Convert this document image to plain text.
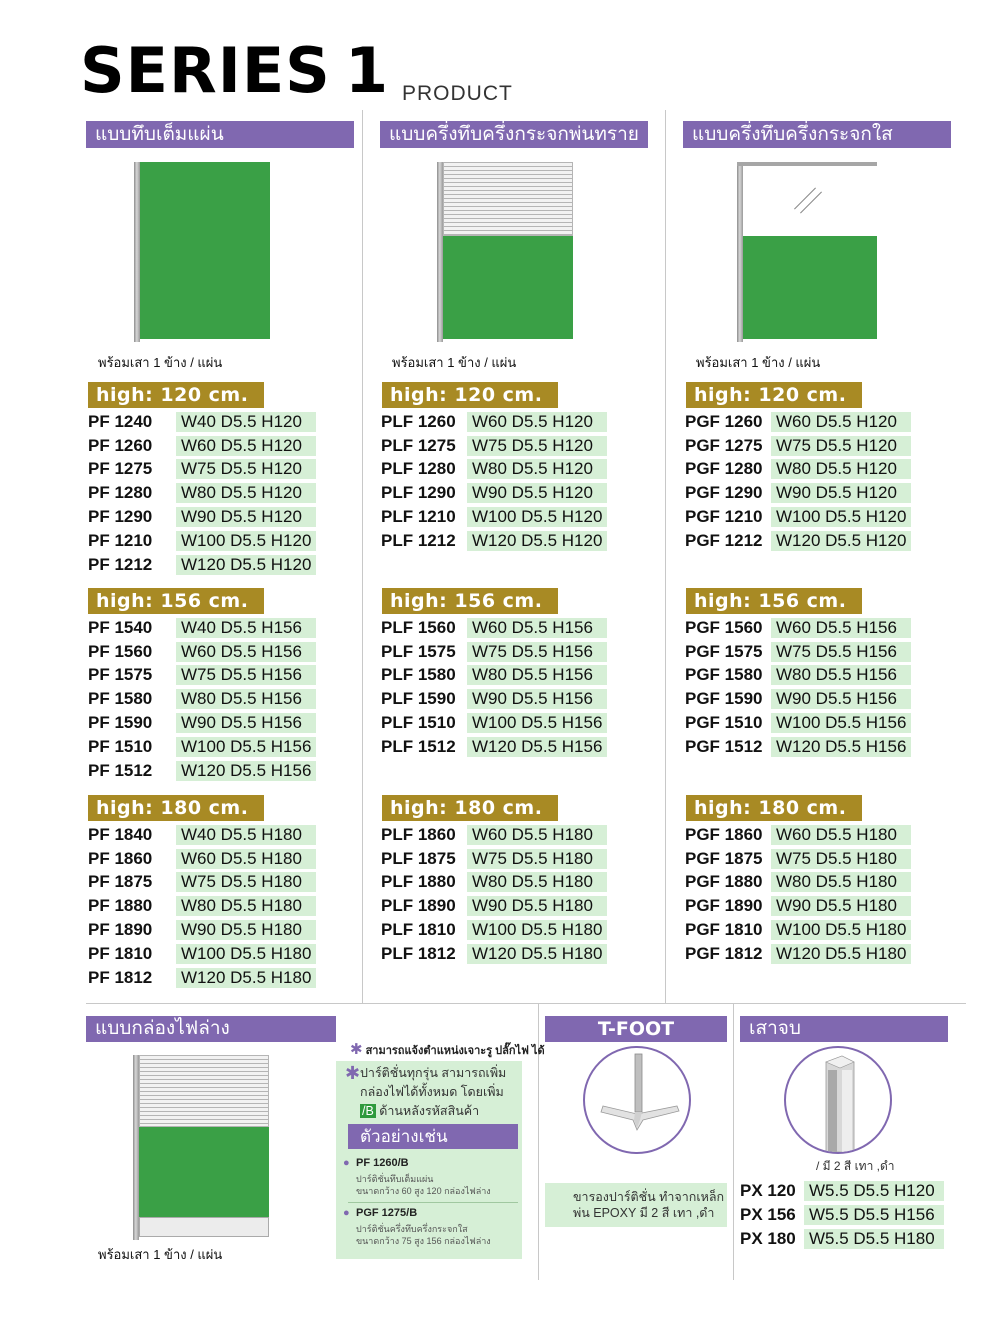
SERIES 1 PRODUCT
แบบทึบเต็มแผ่น
พร้อมเสา 1 ข้าง / แผ่น
แบบครึ่งทึบครึ่งกระจกพ่นทราย
พร้อมเสา 1 ข้าง / แผ่น
แบบครึ่งทึบครึ่งกระจกใส
พร้อมเสา 1 ข้าง / แผ่น
high: 120 cm.
PF 1240 W40 D5.5 H120
PF 1260 W60 D5.5 H120
PF 1275 W75 D5.5 H120
PF 1280 W80 D5.5 H120
PF 1290 W90 D5.5 H120
PF 1210 W100 D5.5 H120
PF 1212 W120 D5.5 H120
high: 156 cm.
PF 1540 W40 D5.5 H156
PF 1560 W60 D5.5 H156
PF 1575 W75 D5.5 H156
PF 1580 W80 D5.5 H156
PF 1590 W90 D5.5 H156
PF 1510 W100 D5.5 H156
PF 1512 W120 D5.5 H156
high: 180 cm.
PF 1840 W40 D5.5 H180
PF 1860 W60 D5.5 H180
PF 1875 W75 D5.5 H180
PF 1880 W80 D5.5 H180
PF 1890 W90 D5.5 H180
PF 1810 W100 D5.5 H180
PF 1812 W120 D5.5 H180
high: 120 cm.
PLF 1260 W60 D5.5 H120
PLF 1275 W75 D5.5 H120
PLF 1280 W80 D5.5 H120
PLF 1290 W90 D5.5 H120
PLF 1210 W100 D5.5 H120
PLF 1212 W120 D5.5 H120
high: 156 cm.
PLF 1560 W60 D5.5 H156
PLF 1575 W75 D5.5 H156
PLF 1580 W80 D5.5 H156
PLF 1590 W90 D5.5 H156
PLF 1510 W100 D5.5 H156
PLF 1512 W120 D5.5 H156
high: 180 cm.
PLF 1860 W60 D5.5 H180
PLF 1875 W75 D5.5 H180
PLF 1880 W80 D5.5 H180
PLF 1890 W90 D5.5 H180
PLF 1810 W100 D5.5 H180
PLF 1812 W120 D5.5 H180
high: 120 cm.
PGF 1260 W60 D5.5 H120
PGF 1275 W75 D5.5 H120
PGF 1280 W80 D5.5 H120
PGF 1290 W90 D5.5 H120
PGF 1210 W100 D5.5 H120
PGF 1212 W120 D5.5 H120
high: 156 cm.
PGF 1560 W60 D5.5 H156
PGF 1575 W75 D5.5 H156
PGF 1580 W80 D5.5 H156
PGF 1590 W90 D5.5 H156
PGF 1510 W100 D5.5 H156
PGF 1512 W120 D5.5 H156
high: 180 cm.
PGF 1860 W60 D5.5 H180
PGF 1875 W75 D5.5 H180
PGF 1880 W80 D5.5 H180
PGF 1890 W90 D5.5 H180
PGF 1810 W100 D5.5 H180
PGF 1812 W120 D5.5 H180
แบบกล่องไฟล่าง
พร้อมเสา 1 ข้าง / แผ่น
✱ สามารถแจ้งตำแหน่งเจาะรู ปลั๊กไฟ ได้
✱ ปาร์ติชั่นทุกรุ่น สามารถเพิ่ม กล่องไฟได้ทั้งหมด โดยเพิ่ม /B ด้านหลังรหัสสินค้า
ตัวอย่างเช่น
● PF 1260/B
ปาร์ติชั่นทึบเต็มแผ่น
ขนาดกว้าง 60 สูง 120 กล่องไฟล่าง
● PGF 1275/B
ปาร์ติชั่นครึ่งทึบครึ่งกระจกใส
ขนาดกว้าง 75 สูง 156 กล่องไฟล่าง
T-FOOT
ขารองปาร์ติชั่น ทำจากเหล็ก
พ่น EPOXY มี 2 สี เทา ,ดำ
เสาจบ
/ มี 2 สี เทา ,ดำ
PX 120 W5.5 D5.5 H120
PX 156 W5.5 D5.5 H156
PX 180 W5.5 D5.5 H180
